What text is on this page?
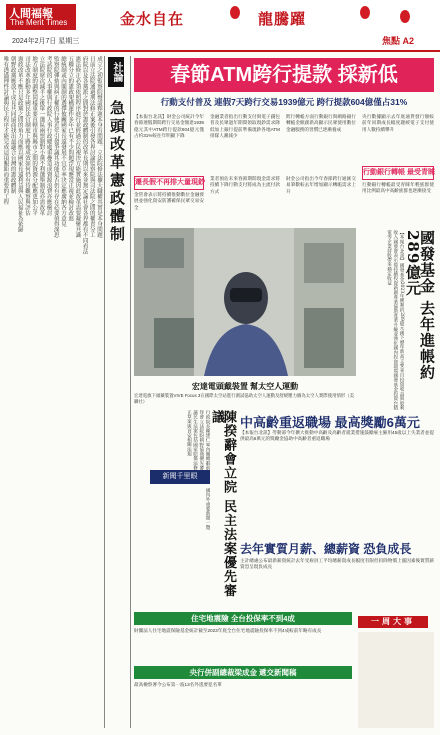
人間福報
The Merit Times
2024年2月7日 星期三
金水自在	龍騰躍
焦點 A2
成立之初監察院聲請釋憲本身有問題。立法院修法擴大職權其實是本身問題
日前立法院通過刑法修正案後引發各界討論監察院與司法院之間的權責分工
府院以及各黨派之間對於憲政體制的改革長期以來並無定論社會各界都有不同看法
憲法修正必須依照程序進行並經過公民複決方能實施因此改革需要凝聚共識
五權分立的憲政架構運作多年已有不少問題浮現應當正視並檢討改進
總統制或內閣制的選擇攸關國家長遠發展不宜草率決定應廣納各方意見
監察院彈劾與糾正權的行使近年引發爭議其功能是否仍有存在必要值得深思
考試院的人事權與行政院人事行政總處重疊造成資源浪費亦應檢討
立法院席次減半之後單一選區兩票制對小黨不利選舉制度亦需改革
地方制度的調整同樣重要直轄市與縣市之間的資源分配應更加公平
司法改革推動多年國民法官制度上路後成效如何仍有待觀察與評估
憲政改革不應只是政黨之間的角力而應以國家長遠利益與人民福祉為依歸
朝野政黨應放下成見共同協商找出最適合台灣的憲政體制
唯有透過理性討論與民主程序才能完成這項艱鉅而重要的工程	社論
急頭改革憲政體制
春節ATM跨行提款 採新低
行動支付普及 連假7天跨行交易1939億元 跨行提款604億僅占31%
【本報台北訊】財金公司統計今年春節連假期間跨行交易金額達1939億元其中ATM跨行提款604億元僅占約31%較往年明顯下降
金融業者指出行動支付與電子錢包普及民眾過年期間領取現鈔需求降低加上銀行提前準備現鈔各地ATM排隊人潮減少
跨行轉帳方面行動銀行與網路銀行轉帳金額創新高顯示民眾使用數位金融服務的習慣已逐漸養成
央行數據顯示去年底通貨發行額較前年同期成長幅度趨緩電子支付使用人數持續攀升
遷長假不再排大量現鈔
金管會表示將持續推動數位金融發展並強化資安防護確保民眾交易安全
業者預估未來春節期間現金需求將持續下降行動支付將成為主流付款方式
財金公司指出今年春節跨行通匯交易筆數較去年增加顯示轉帳需求上升
行動銀行轉帳 最受青睞
行動銀行轉帳最受青睞年輕族群使用比例最高中高齡族群也逐漸接受
宏達電頭戴裝置 幫太空人運動
宏達電旗下頭戴裝置VIVE Focus 3在國際太空站進行測試協助太空人運動及舒緩壓力圖為太空人實際使用情形（美聯社）
國發基金 去年進帳約289億元
【本報台北訊】國發基金2023年獲利約289億元創下歷年新高主要來自投資收益與股利收入國發會表示將持續投資新創產業協助產業升級並強化國內投資環境國發基金投資台積電等企業持股帶來穩定收益
陳揆辭會立院 民主法案優先審議
行政院長陳建仁率內閣總辭前拜會立法院盼朝野協商優先審議民生法案包括國家賠償法修正草案與食安相關法規
新聞千里眼
國內外重要新聞一覽
中高齡重返職場 最高獎勵6萬元
【本報台北訊】勞動部今年擴大推動中高齡及高齡者就業措施鼓勵雇主僱用45歲以上失業者並提供最高6萬元的獎勵金協助中高齡者重返職場
去年實質月薪、總薪資 恐負成長
主計總處公布最新薪資統計去年受雇員工平均總薪資成長幅度有限但扣除物價上漲因素後實質薪資恐呈現負成長
住宅地震險 全台投保率不到4成
財團法人住宅地震保險基金統計截至2023年底全台住宅地震險投保率不到4成較前年略有成長
央行併副總裁梁成金 遞交新聞稿
最高檢察署今公布第一波13名外逃要犯名單
一周大事
